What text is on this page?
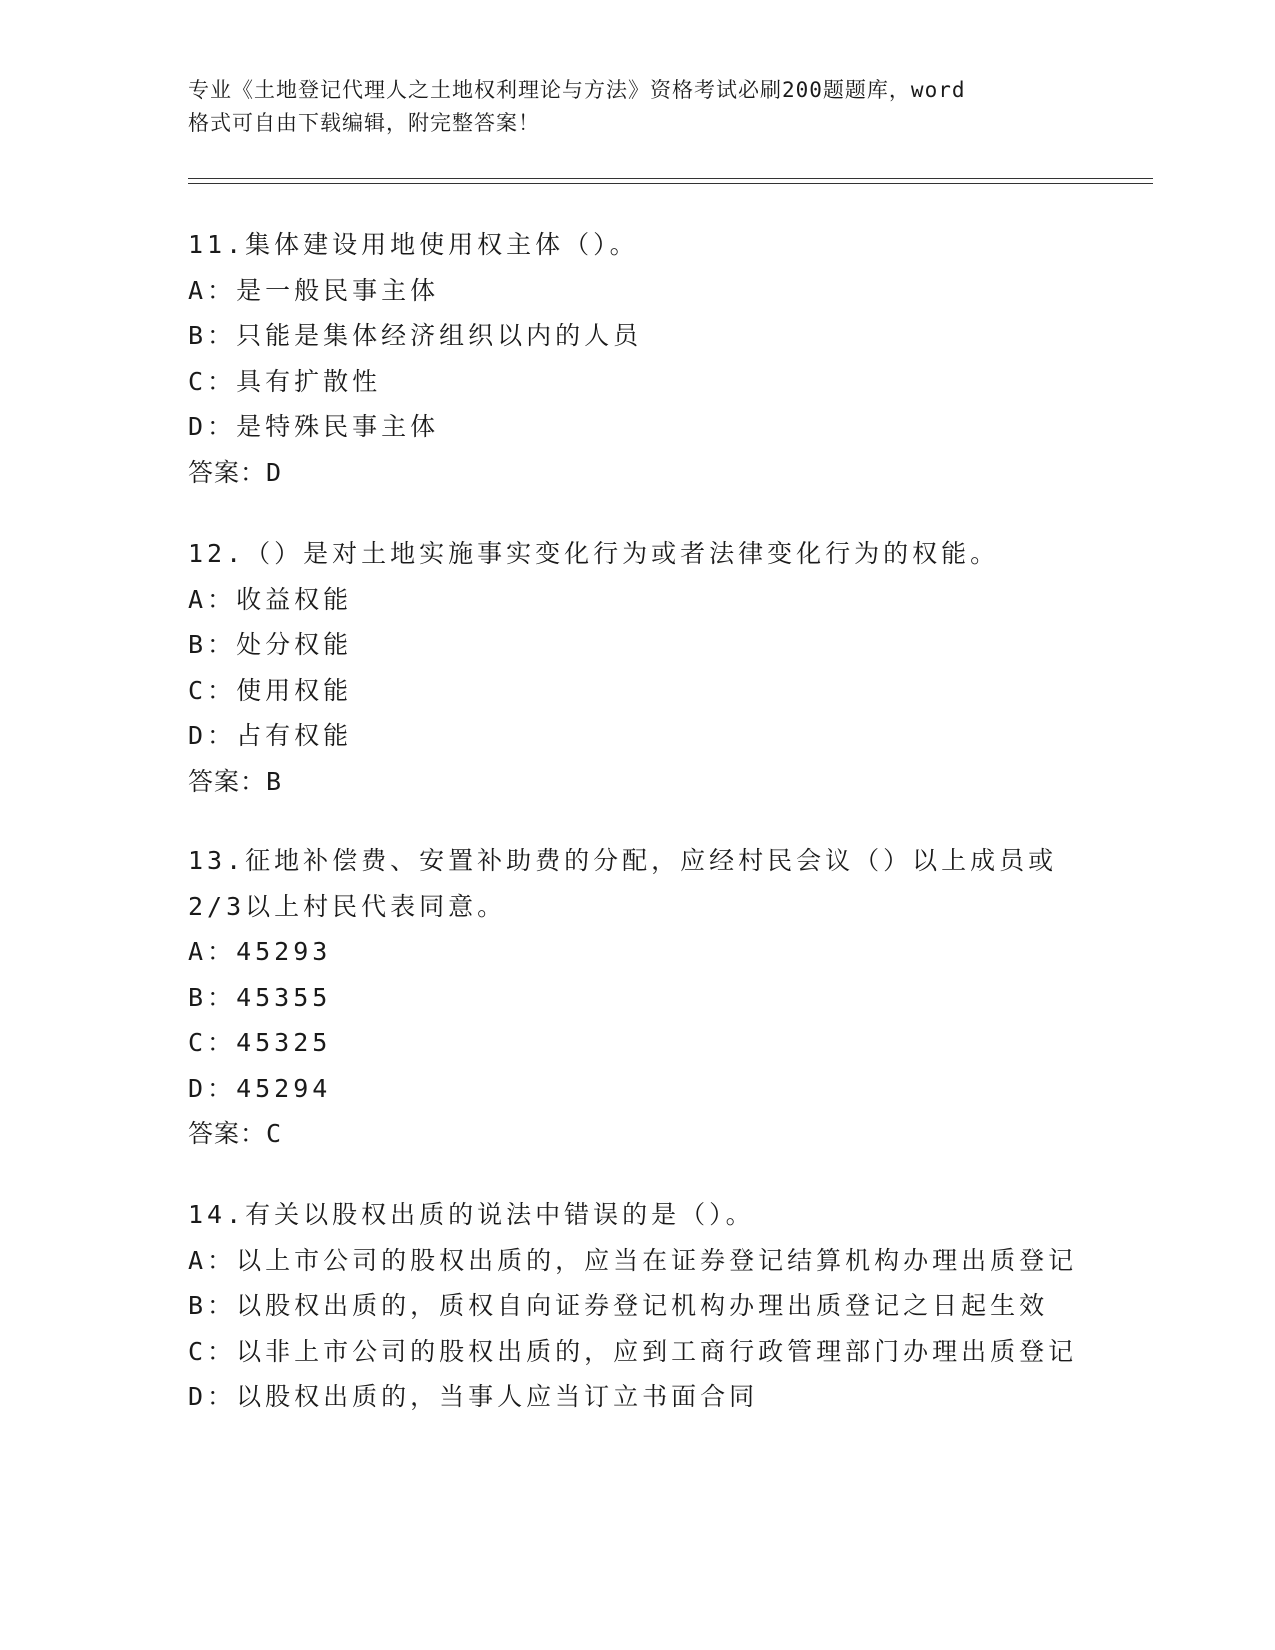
专业《土地登记代理人之土地权利理论与方法》资格考试必刷200题题库，word
格式可自由下载编辑，附完整答案！
11.集体建设用地使用权主体（）。
A：是一般民事主体
B：只能是集体经济组织以内的人员
C：具有扩散性
D：是特殊民事主体
答案：D
12.（）是对土地实施事实变化行为或者法律变化行为的权能。
A：收益权能
B：处分权能
C：使用权能
D：占有权能
答案：B
13.征地补偿费、安置补助费的分配，应经村民会议（）以上成员或
2/3以上村民代表同意。
A：45293
B：45355
C：45325
D：45294
答案：C
14.有关以股权出质的说法中错误的是（）。
A：以上市公司的股权出质的，应当在证券登记结算机构办理出质登记
B：以股权出质的，质权自向证券登记机构办理出质登记之日起生效
C：以非上市公司的股权出质的，应到工商行政管理部门办理出质登记
D：以股权出质的，当事人应当订立书面合同
